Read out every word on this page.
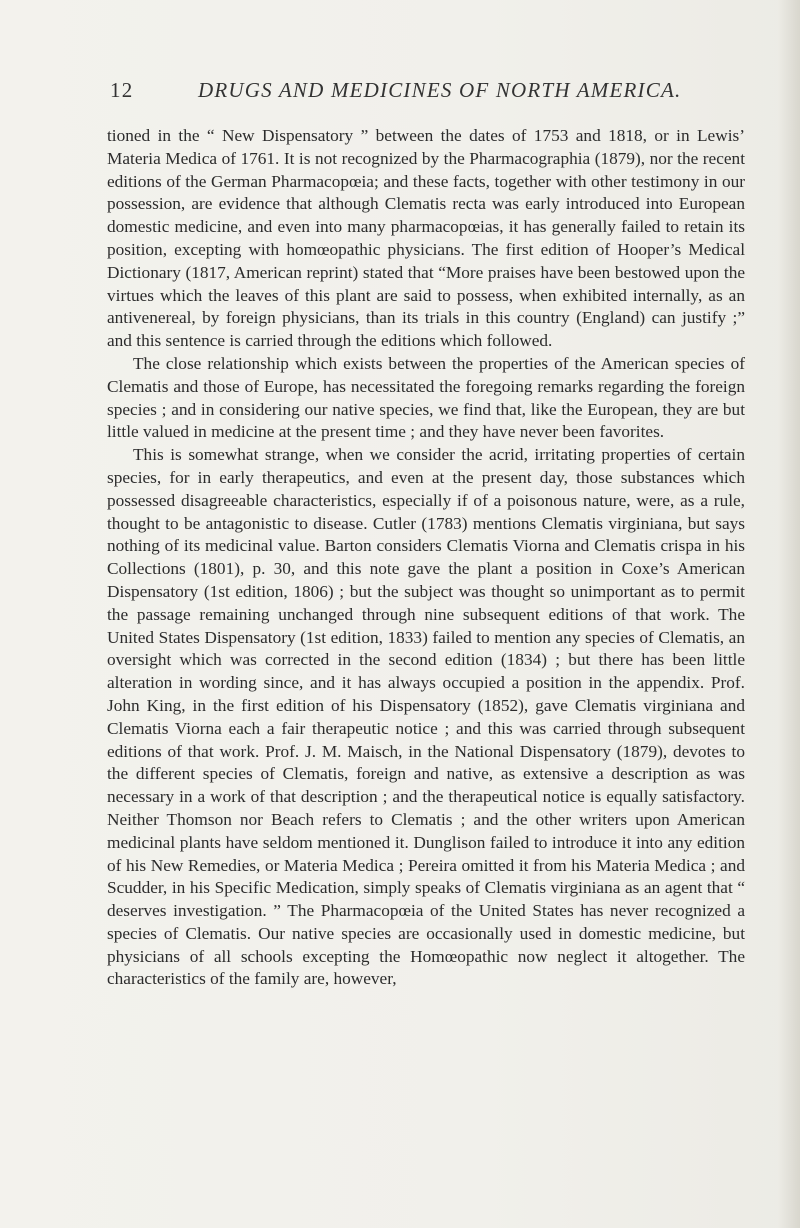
12	DRUGS AND MEDICINES OF NORTH AMERICA.

tioned in the “ New Dispensatory ” between the dates of 1753 and 1818, or in Lewis’ Materia Medica of 1761. It is not recognized by the Pharmacographia (1879), nor the recent editions of the German Pharmacopœia; and these facts, together with other testimony in our possession, are evidence that although Clematis recta was early introduced into European domestic medicine, and even into many pharmacopœias, it has generally failed to retain its position, excepting with homœopathic physicians. The first edition of Hooper’s Medical Dictionary (1817, American reprint) stated that “More praises have been bestowed upon the virtues which the leaves of this plant are said to possess, when exhibited internally, as an antivenereal, by foreign physicians, than its trials in this country (England) can justify ;” and this sentence is carried through the editions which followed.

The close relationship which exists between the properties of the American species of Clematis and those of Europe, has necessitated the foregoing remarks regarding the foreign species ; and in considering our native species, we find that, like the European, they are but little valued in medicine at the present time ; and they have never been favorites.

This is somewhat strange, when we consider the acrid, irritating properties of certain species, for in early therapeutics, and even at the present day, those substances which possessed disagreeable characteristics, especially if of a poisonous nature, were, as a rule, thought to be antagonistic to disease. Cutler (1783) mentions Clematis virginiana, but says nothing of its medicinal value. Barton considers Clematis Viorna and Clematis crispa in his Collections (1801), p. 30, and this note gave the plant a position in Coxe’s American Dispensatory (1st edition, 1806) ; but the subject was thought so unimportant as to permit the passage remaining unchanged through nine subsequent editions of that work. The United States Dispensatory (1st edition, 1833) failed to mention any species of Clematis, an oversight which was corrected in the second edition (1834) ; but there has been little alteration in wording since, and it has always occupied a position in the appendix. Prof. John King, in the first edition of his Dispensatory (1852), gave Clematis virginiana and Clematis Viorna each a fair therapeutic notice ; and this was carried through subsequent editions of that work. Prof. J. M. Maisch, in the National Dispensatory (1879), devotes to the different species of Clematis, foreign and native, as extensive a description as was necessary in a work of that description ; and the therapeutical notice is equally satisfactory. Neither Thomson nor Beach refers to Clematis ; and the other writers upon American medicinal plants have seldom mentioned it. Dunglison failed to introduce it into any edition of his New Remedies, or Materia Medica ; Pereira omitted it from his Materia Medica ; and Scudder, in his Specific Medication, simply speaks of Clematis virginiana as an agent that “ deserves investigation. ” The Pharmacopœia of the United States has never recognized a species of Clematis. Our native species are occasionally used in domestic medicine, but physicians of all schools excepting the Homœopathic now neglect it altogether. The characteristics of the family are, however,
